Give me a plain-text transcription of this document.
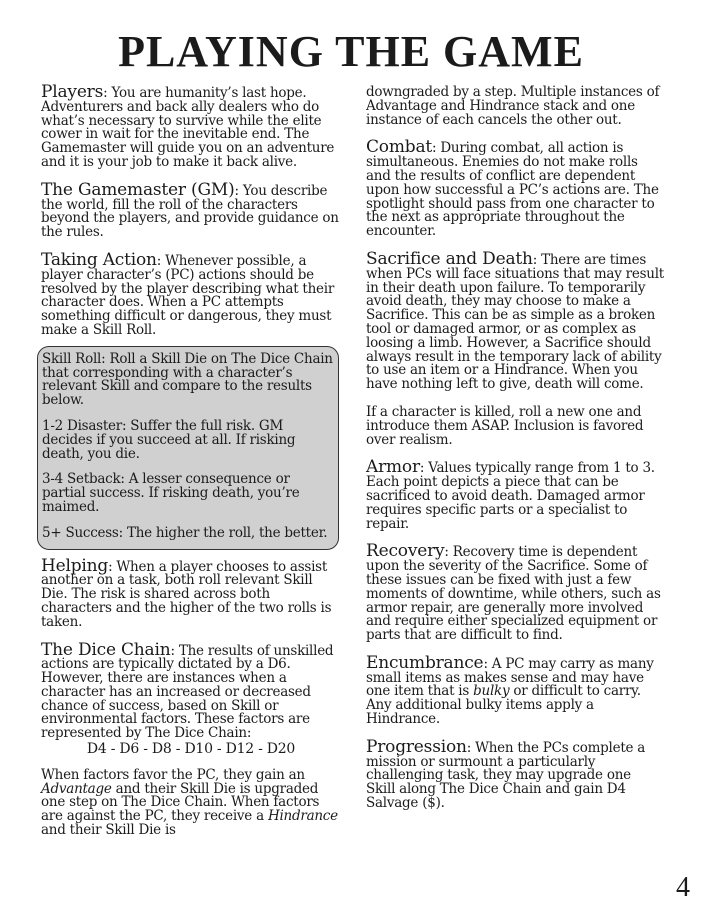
PLAYING THE GAME

Players: You are humanity’s last hope. Adventurers and back ally dealers who do what’s necessary to survive while the elite cower in wait for the inevitable end. The Gamemaster will guide you on an adventure and it is your job to make it back alive.

The Gamemaster (GM): You describe the world, fill the roll of the characters beyond the players, and provide guidance on the rules.

Taking Action: Whenever possible, a player character’s (PC) actions should be resolved by the player describing what their character does. When a PC attempts something difficult or dangerous, they must make a Skill Roll.

Skill Roll: Roll a Skill Die on The Dice Chain that corresponding with a character’s relevant Skill and compare to the results below.

1-2 Disaster: Suffer the full risk. GM decides if you succeed at all. If risking death, you die.

3-4 Setback: A lesser consequence or partial success. If risking death, you’re maimed.

5+ Success: The higher the roll, the better.

Helping: When a player chooses to assist another on a task, both roll relevant Skill Die. The risk is shared across both characters and the higher of the two rolls is taken.

The Dice Chain: The results of unskilled actions are typically dictated by a D6. However, there are instances when a character has an increased or decreased chance of success, based on Skill or environmental factors. These factors are represented by The Dice Chain:

D4 - D6 - D8 - D10 - D12 - D20

When factors favor the PC, they gain an Advantage and their Skill Die is upgraded one step on The Dice Chain. When factors are against the PC, they receive a Hindrance and their Skill Die is

downgraded by a step. Multiple instances of Advantage and Hindrance stack and one instance of each cancels the other out.

Combat: During combat, all action is simultaneous. Enemies do not make rolls and the results of conflict are dependent upon how successful a PC’s actions are. The spotlight should pass from one character to the next as appropriate throughout the encounter.

Sacrifice and Death: There are times when PCs will face situations that may result in their death upon failure. To temporarily avoid death, they may choose to make a Sacrifice. This can be as simple as a broken tool or damaged armor, or as complex as loosing a limb. However, a Sacrifice should always result in the temporary lack of ability to use an item or a Hindrance. When you have nothing left to give, death will come.

If a character is killed, roll a new one and introduce them ASAP. Inclusion is favored over realism.

Armor: Values typically range from 1 to 3. Each point depicts a piece that can be sacrificed to avoid death. Damaged armor requires specific parts or a specialist to repair.

Recovery: Recovery time is dependent upon the severity of the Sacrifice. Some of these issues can be fixed with just a few moments of downtime, while others, such as armor repair, are generally more involved and require either specialized equipment or parts that are difficult to find.

Encumbrance: A PC may carry as many small items as makes sense and may have one item that is bulky or difficult to carry. Any additional bulky items apply a Hindrance.

Progression: When the PCs complete a mission or surmount a particularly challenging task, they may upgrade one Skill along The Dice Chain and gain D4 Salvage ($).

4
